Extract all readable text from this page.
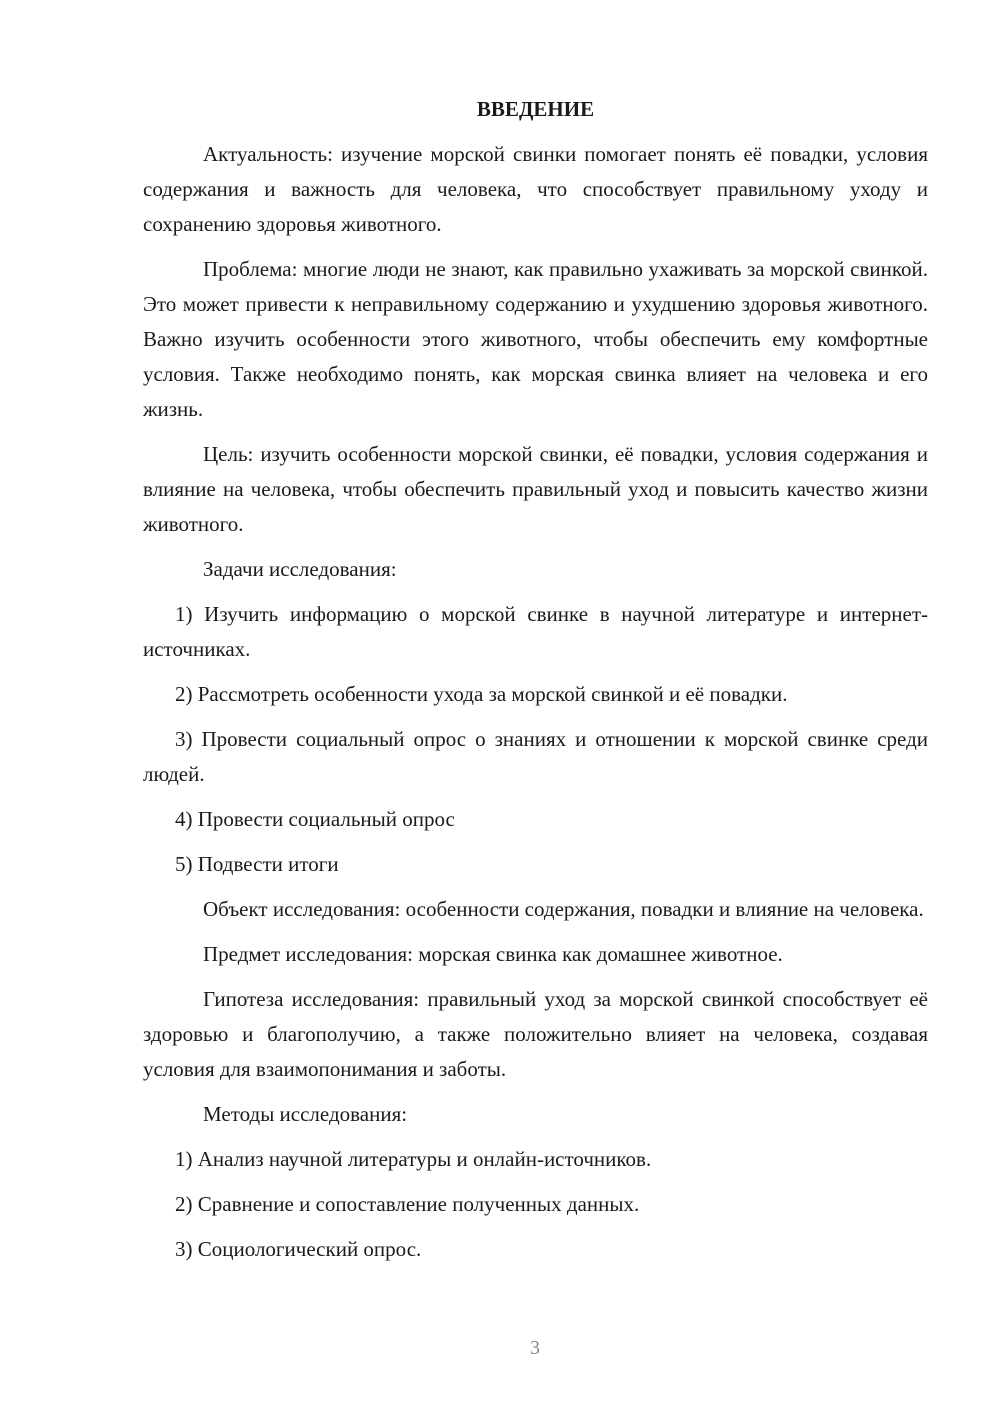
ВВЕДЕНИЕ

Актуальность: изучение морской свинки помогает понять её повадки, условия содержания и важность для человека, что способствует правильному уходу и сохранению здоровья животного.

Проблема: многие люди не знают, как правильно ухаживать за морской свинкой. Это может привести к неправильному содержанию и ухудшению здоровья животного. Важно изучить особенности этого животного, чтобы обеспечить ему комфортные условия. Также необходимо понять, как морская свинка влияет на человека и его жизнь.

Цель: изучить особенности морской свинки, её повадки, условия содержания и влияние на человека, чтобы обеспечить правильный уход и повысить качество жизни животного.

Задачи исследования:

1) Изучить информацию о морской свинке в научной литературе и интернет-источниках.

2) Рассмотреть особенности ухода за морской свинкой и её повадки.

3) Провести социальный опрос о знаниях и отношении к морской свинке среди людей.

4) Провести социальный опрос

5) Подвести итоги

Объект исследования: особенности содержания, повадки и влияние на человека.

Предмет исследования: морская свинка как домашнее животное.

Гипотеза исследования: правильный уход за морской свинкой способствует её здоровью и благополучию, а также положительно влияет на человека, создавая условия для взаимопонимания и заботы.

Методы исследования:

1) Анализ научной литературы и онлайн-источников.

2) Сравнение и сопоставление полученных данных.

3) Социологический опрос.

3
